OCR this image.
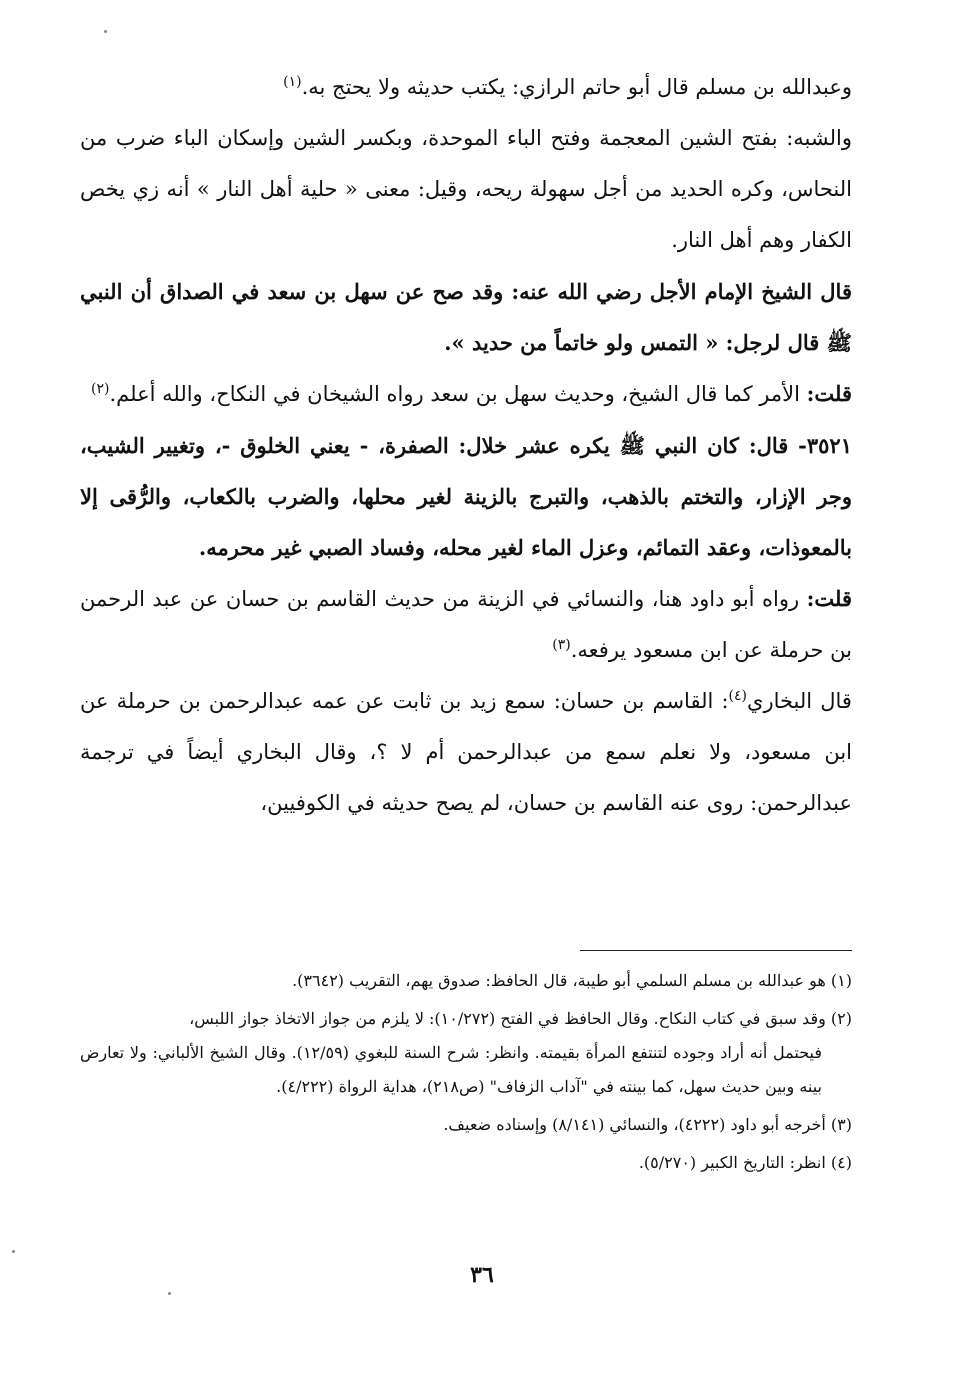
وعبدالله بن مسلم قال أبو حاتم الرازي: يكتب حديثه ولا يحتج به.$^{(١)}$

والشبه: بفتح الشين المعجمة وفتح الباء الموحدة، وبكسر الشين وإسكان الباء ضرب من النحاس، وكره الحديد من أجل سهولة ريحه، وقيل: معنى « حلية أهل النار » أنه زي يخص الكفار وهم أهل النار.

قال الشيخ الإمام الأجل رضي الله عنه: وقد صح عن سهل بن سعد في الصداق أن النبي ﷺ قال لرجل: « التمس ولو خاتماً من حديد ».

قلت: الأمر كما قال الشيخ، وحديث سهل بن سعد رواه الشيخان في النكاح، والله أعلم.$^{(٢)}$

٣٥٢١- قال: كان النبي ﷺ يكره عشر خلال: الصفرة، - يعني الخلوق -، وتغيير الشيب، وجر الإزار، والتختم بالذهب، والتبرج بالزينة لغير محلها، والضرب بالكعاب، والرُّقى إلا بالمعوذات، وعقد التمائم، وعزل الماء لغير محله، وفساد الصبي غير محرمه.

قلت: رواه أبو داود هنا، والنسائي في الزينة من حديث القاسم بن حسان عن عبد الرحمن بن حرملة عن ابن مسعود يرفعه.$^{(٣)}$

قال البخاري$^{(٤)}$: القاسم بن حسان: سمع زيد بن ثابت عن عمه عبدالرحمن بن حرملة عن ابن مسعود، ولا نعلم سمع من عبدالرحمن أم لا ؟، وقال البخاري أيضاً في ترجمة عبدالرحمن: روى عنه القاسم بن حسان، لم يصح حديثه في الكوفيين،

(١) هو عبدالله بن مسلم السلمي أبو طيبة، قال الحافظ: صدوق يهم، التقريب (٣٦٤٢).

(٢) وقد سبق في كتاب النكاح. وقال الحافظ في الفتح (١٠/٢٧٢): لا يلزم من جواز الاتخاذ جواز اللبس،

فيحتمل أنه أراد وجوده لتنتفع المرأة بقيمته. وانظر: شرح السنة للبغوي (١٢/٥٩). وقال الشيخ الألباني: ولا تعارض بينه وبين حديث سهل، كما بينته في "آداب الزفاف" (ص٢١٨)، هداية الرواة (٤/٢٢٢).

(٣) أخرجه أبو داود (٤٢٢٢)، والنسائي (٨/١٤١) وإسناده ضعيف.

(٤) انظر: التاريخ الكبير (٥/٢٧٠).

٣٦
